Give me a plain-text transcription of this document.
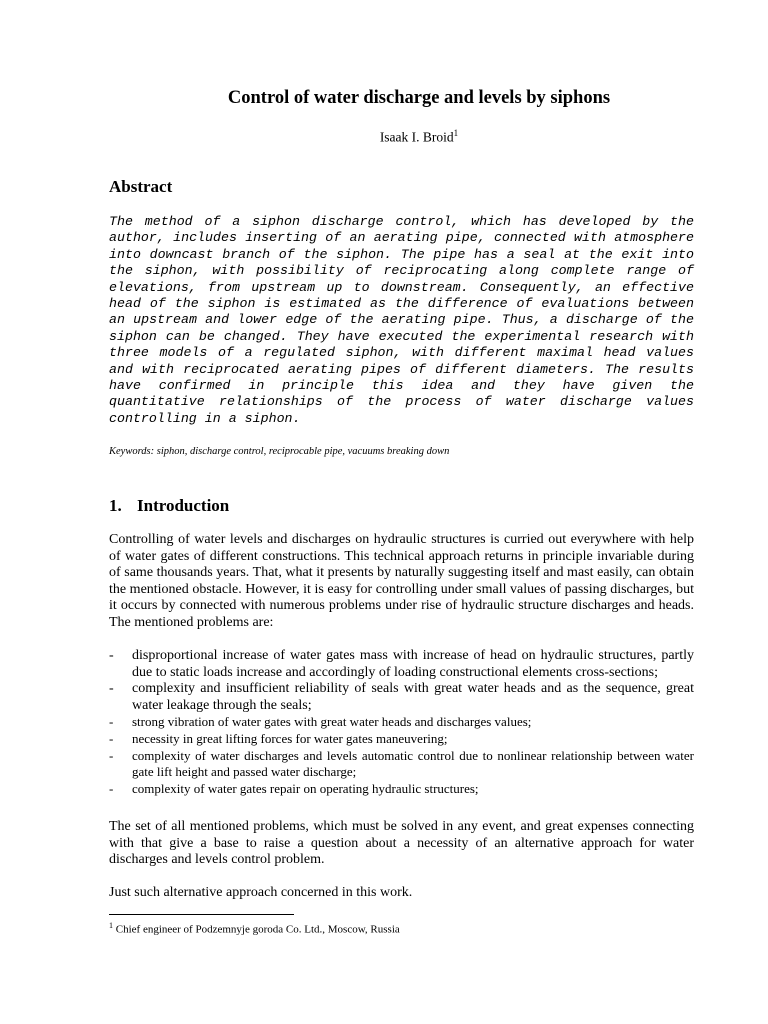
Control of water discharge and levels by siphons
Isaak I. Broid$^1$
Abstract

The method of a siphon discharge control, which has developed by the author, includes inserting of an aerating pipe, connected with atmosphere into downcast branch of the siphon. The pipe has a seal at the exit into the siphon, with possibility of reciprocating along complete range of elevations, from upstream up to downstream. Consequently, an effective head of the siphon is estimated as the difference of evaluations between an upstream and lower edge of the aerating pipe. Thus, a discharge of the siphon can be changed. They have executed the experimental research with three models of a regulated siphon, with different maximal head values and with reciprocated aerating pipes of different diameters. The results have confirmed in principle this idea and they have given the quantitative relationships of the process of water discharge values controlling in a siphon.

Keywords: siphon, discharge control, reciprocable pipe, vacuums breaking down

1. Introduction

Controlling of water levels and discharges on hydraulic structures is curried out everywhere with help of water gates of different constructions. This technical approach returns in principle invariable during of same thousands years. That, what it presents by naturally suggesting itself and mast easily, can obtain the mentioned obstacle. However, it is easy for controlling under small values of passing discharges, but it occurs by connected with numerous problems under rise of hydraulic structure discharges and heads. The mentioned problems are:

- disproportional increase of water gates mass with increase of head on hydraulic structures, partly due to static loads increase and accordingly of loading constructional elements cross-sections;
- complexity and insufficient reliability of seals with great water heads and as the sequence, great water leakage through the seals;
- strong vibration of water gates with great water heads and discharges values;
- necessity in great lifting forces for water gates maneuvering;
- complexity of water discharges and levels automatic control due to nonlinear relationship between water gate lift height and passed water discharge;
- complexity of water gates repair on operating hydraulic structures;

The set of all mentioned problems, which must be solved in any event, and great expenses connecting with that give a base to raise a question about a necessity of an alternative approach for water discharges and levels control problem.

Just such alternative approach concerned in this work.

$^1$ Chief engineer of Podzemnyje goroda Co. Ltd., Moscow, Russia
